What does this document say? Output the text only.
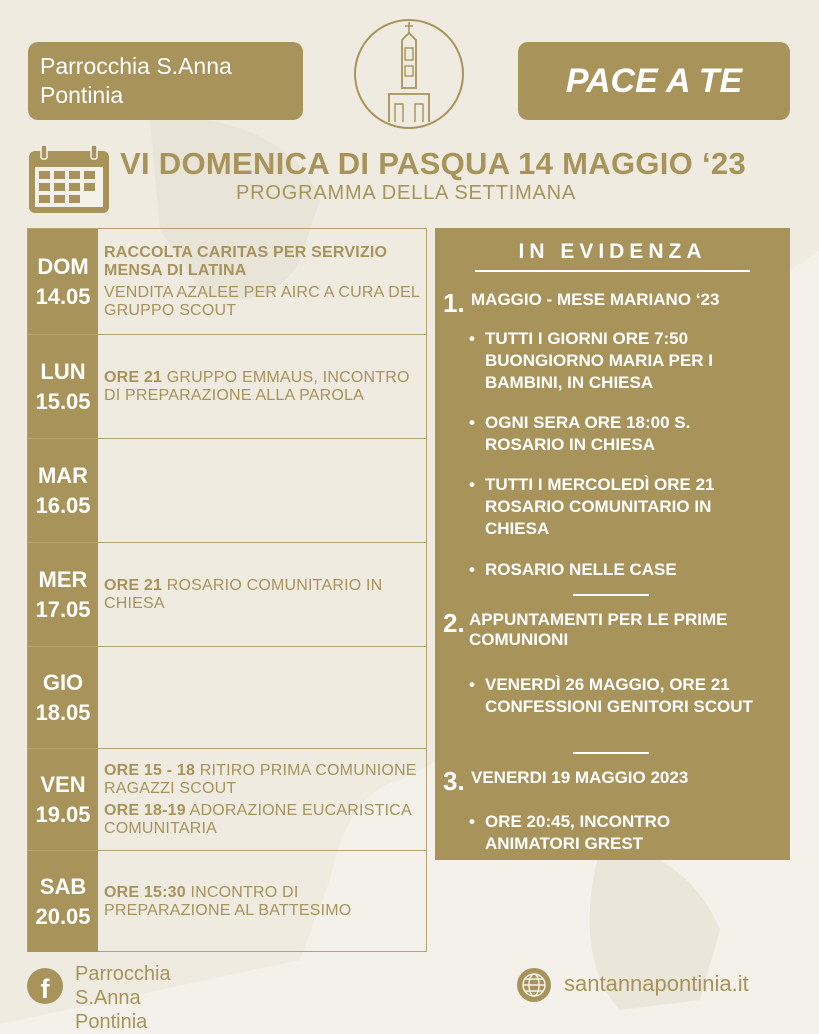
Parrocchia S.Anna
Pontinia	PACE A TE
VI DOMENICA DI PASQUA 14 MAGGIO ‘23
PROGRAMMA DELLA SETTIMANA
DOM
14.05
RACCOLTA CARITAS PER SERVIZIO MENSA DI LATINA
VENDITA AZALEE PER AIRC A CURA DEL GRUPPO SCOUT
LUN
15.05
ORE 21 GRUPPO EMMAUS, INCONTRO DI PREPARAZIONE ALLA PAROLA
MAR
16.05
MER
17.05
ORE 21 ROSARIO COMUNITARIO IN CHIESA
GIO
18.05
VEN
19.05
ORE 15 - 18 RITIRO PRIMA COMUNIONE RAGAZZI SCOUT
ORE 18-19 ADORAZIONE EUCARISTICA COMUNITARIA
SAB
20.05
ORE 15:30 INCONTRO DI PREPARAZIONE AL BATTESIMO
IN EVIDENZA
1. MAGGIO - MESE MARIANO ‘23
• TUTTI I GIORNI ORE 7:50 BUONGIORNO MARIA PER I BAMBINI, IN CHIESA
• OGNI SERA ORE 18:00 S. ROSARIO IN CHIESA
• TUTTI I MERCOLEDÌ ORE 21 ROSARIO COMUNITARIO IN CHIESA
• ROSARIO NELLE CASE
2. APPUNTAMENTI PER LE PRIME COMUNIONI
• VENERDÌ 26 MAGGIO, ORE 21 CONFESSIONI GENITORI SCOUT
3. VENERDI 19 MAGGIO 2023
• ORE 20:45, INCONTRO ANIMATORI GREST
f	Parrocchia S.Anna
Pontinia
santannapontinia.it
